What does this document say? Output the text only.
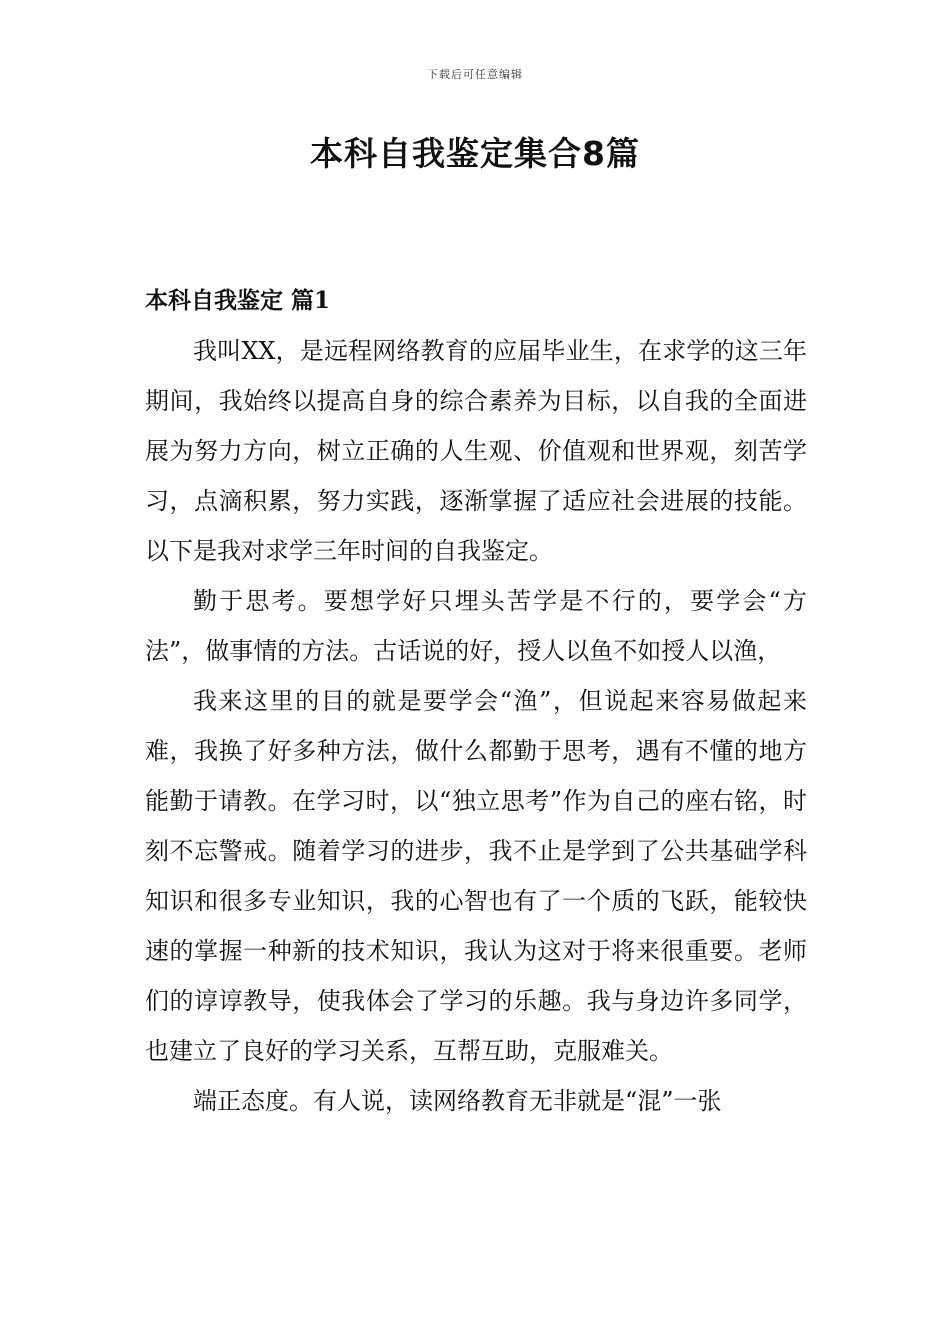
下载后可任意编辑
本科自我鉴定集合8篇
本科自我鉴定 篇1

我叫XX，是远程网络教育的应届毕业生，在求学的这三年期间，我始终以提高自身的综合素养为目标，以自我的全面进展为努力方向，树立正确的人生观、价值观和世界观，刻苦学习，点滴积累，努力实践，逐渐掌握了适应社会进展的技能。以下是我对求学三年时间的自我鉴定。

勤于思考。要想学好只埋头苦学是不行的，要学会“方法”，做事情的方法。古话说的好，授人以鱼不如授人以渔，

我来这里的目的就是要学会“渔”，但说起来容易做起来难，我换了好多种方法，做什么都勤于思考，遇有不懂的地方能勤于请教。在学习时，以“独立思考”作为自己的座右铭，时刻不忘警戒。随着学习的进步，我不止是学到了公共基础学科知识和很多专业知识，我的心智也有了一个质的飞跃，能较快速的掌握一种新的技术知识，我认为这对于将来很重要。老师们的谆谆教导，使我体会了学习的乐趣。我与身边许多同学，也建立了良好的学习关系，互帮互助，克服难关。

端正态度。有人说，读网络教育无非就是“混”一张
